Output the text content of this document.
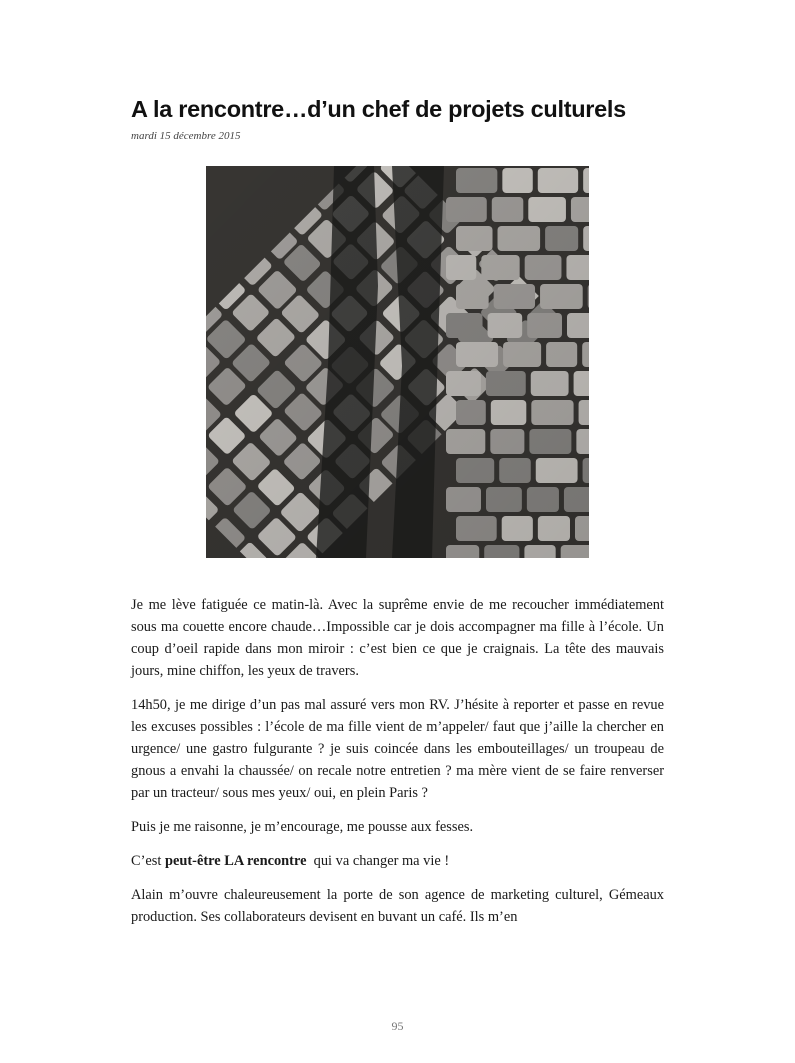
A la rencontre…d’un chef de projets culturels
mardi 15 décembre 2015

Je me lève fatiguée ce matin-là. Avec la suprême envie de me recoucher immédiatement sous ma couette encore chaude…Impossible car je dois accompagner ma fille à l’école. Un coup d’oeil rapide dans mon miroir : c’est bien ce que je craignais. La tête des mauvais jours, mine chiffon, les yeux de travers.

14h50, je me dirige d’un pas mal assuré vers mon RV. J’hésite à reporter et passe en revue les excuses possibles : l’école de ma fille vient de m’appeler/ faut que j’aille la chercher en urgence/ une gastro fulgurante ? je suis coincée dans les embouteillages/ un troupeau de gnous a envahi la chaussée/ on recale notre entretien ? ma mère vient de se faire renverser par un tracteur/ sous mes yeux/ oui, en plein Paris ?

Puis je me raisonne, je m’encourage, me pousse aux fesses.

C’est peut-être LA rencontre  qui va changer ma vie !

Alain m’ouvre chaleureusement la porte de son agence de marketing culturel, Gémeaux production. Ses collaborateurs devisent en buvant un café. Ils m’en

95
